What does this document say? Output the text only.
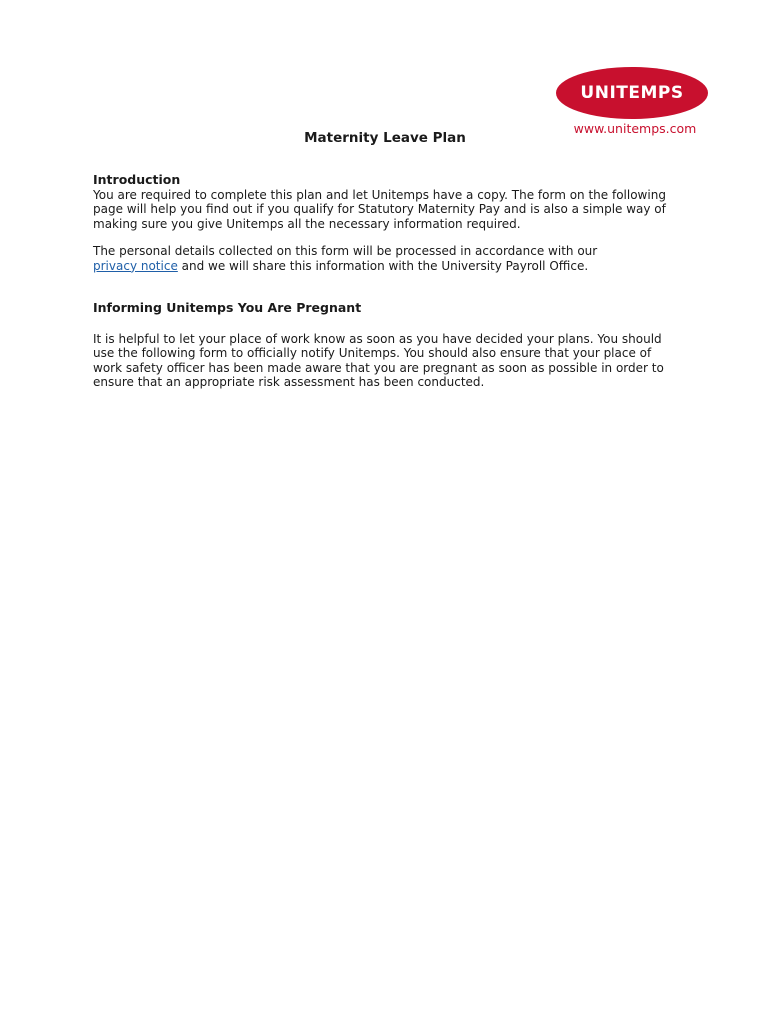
UNITEMPS
www.unitemps.com
Maternity Leave Plan
Introduction

You are required to complete this plan and let Unitemps have a copy. The form on the following page will help you find out if you qualify for Statutory Maternity Pay and is also a simple way of making sure you give Unitemps all the necessary information required.

The personal details collected on this form will be processed in accordance with our
privacy notice and we will share this information with the University Payroll Office.

Informing Unitemps You Are Pregnant

It is helpful to let your place of work know as soon as you have decided your plans. You should use the following form to officially notify Unitemps. You should also ensure that your place of work safety officer has been made aware that you are pregnant as soon as possible in order to ensure that an appropriate risk assessment has been conducted.
